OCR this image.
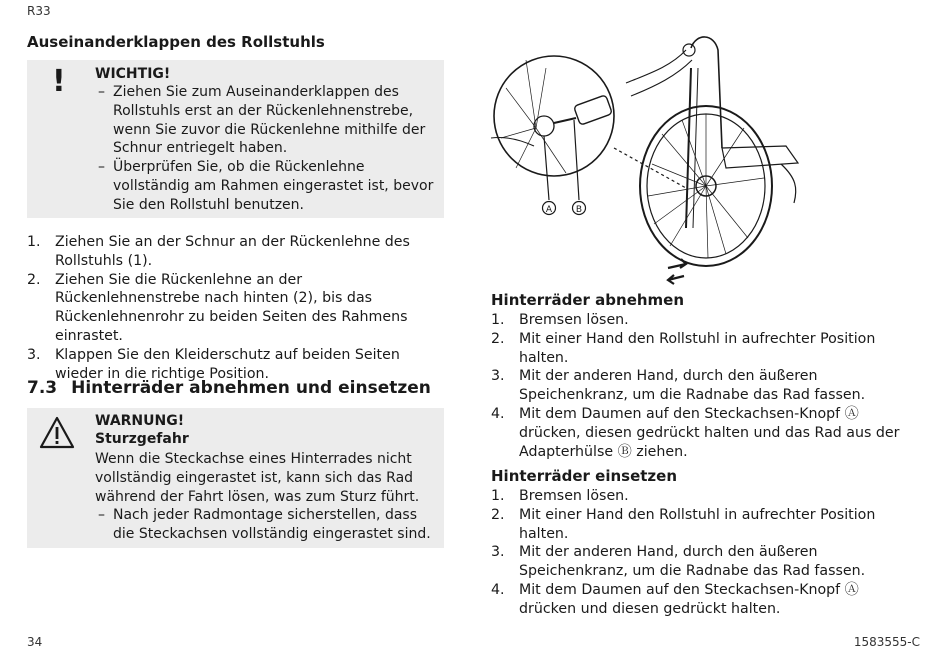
R33
Auseinanderklappen des Rollstuhls
! WICHTIG!
– Ziehen Sie zum Auseinanderklappen des Rollstuhls erst an der Rückenlehnenstrebe, wenn Sie zuvor die Rückenlehne mithilfe der Schnur entriegelt haben.
– Überprüfen Sie, ob die Rückenlehne vollständig am Rahmen eingerastet ist, bevor Sie den Rollstuhl benutzen.
1. Ziehen Sie an der Schnur an der Rückenlehne des Rollstuhls (1).
2. Ziehen Sie die Rückenlehne an der Rückenlehnenstrebe nach hinten (2), bis das Rückenlehnenrohr zu beiden Seiten des Rahmens einrastet.
3. Klappen Sie den Kleiderschutz auf beiden Seiten wieder in die richtige Position.
7.3 Hinterräder abnehmen und einsetzen
WARNUNG!
Sturzgefahr
Wenn die Steckachse eines Hinterrades nicht vollständig eingerastet ist, kann sich das Rad während der Fahrt lösen, was zum Sturz führt.
– Nach jeder Radmontage sicherstellen, dass die Steckachsen vollständig eingerastet sind.
A	B
Hinterräder abnehmen
1. Bremsen lösen.
2. Mit einer Hand den Rollstuhl in aufrechter Position halten.
3. Mit der anderen Hand, durch den äußeren Speichenkranz, um die Radnabe das Rad fassen.
4. Mit dem Daumen auf den Steckachsen-Knopf Ⓐ drücken, diesen gedrückt halten und das Rad aus der Adapterhülse Ⓑ ziehen.
Hinterräder einsetzen
1. Bremsen lösen.
2. Mit einer Hand den Rollstuhl in aufrechter Position halten.
3. Mit der anderen Hand, durch den äußeren Speichenkranz, um die Radnabe das Rad fassen.
4. Mit dem Daumen auf den Steckachsen-Knopf Ⓐ drücken und diesen gedrückt halten.
34	1583555-C
